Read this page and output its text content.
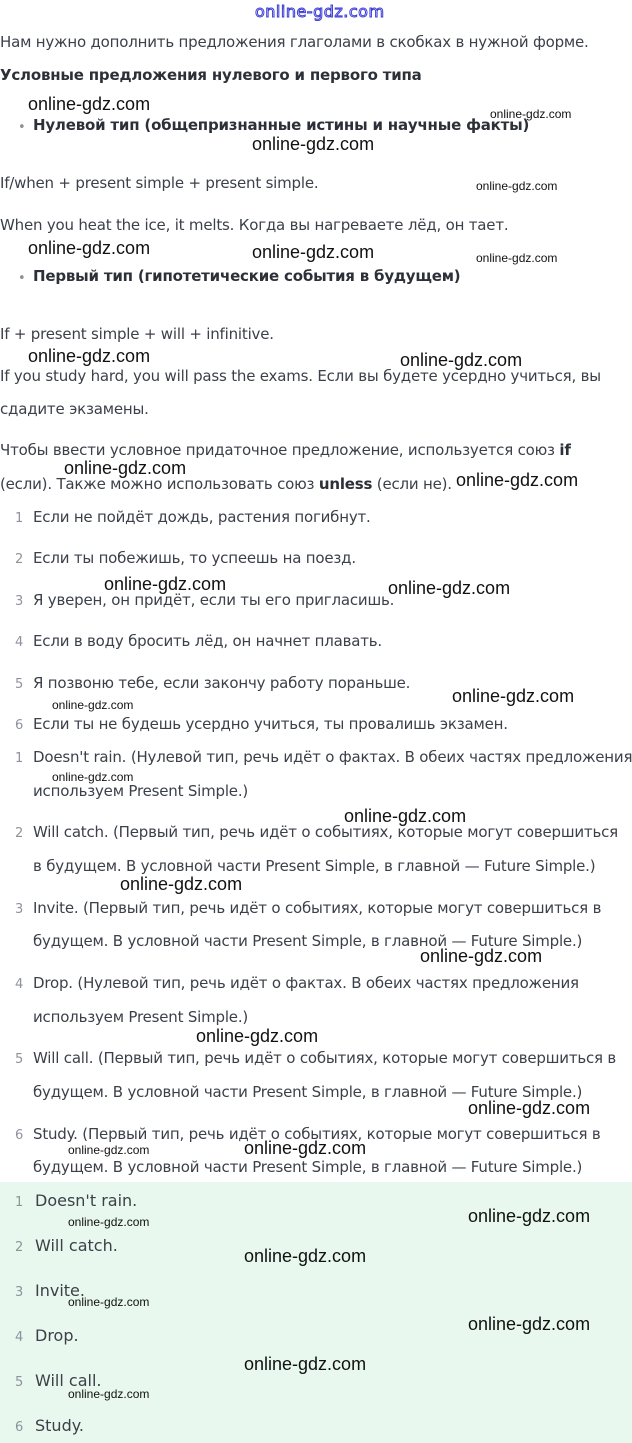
online-gdz.com
Нам нужно дополнить предложения глаголами в скобках в нужной форме.
Условные предложения нулевого и первого типа
• Нулевой тип (общепризнанные истины и научные факты)
If/when + present simple + present simple.
When you heat the ice, it melts. Когда вы нагреваете лёд, он тает.
• Первый тип (гипотетические события в будущем)
If + present simple + will + infinitive.
If you study hard, you will pass the exams. Если вы будете усердно учиться, вы
сдадите экзамены.
Чтобы ввести условное придаточное предложение, используется союз if
(если). Также можно использовать союз unless (если не).
1 Если не пойдёт дождь, растения погибнут.
2 Если ты побежишь, то успеешь на поезд.
3 Я уверен, он придёт, если ты его пригласишь.
4 Если в воду бросить лёд, он начнет плавать.
5 Я позвоню тебе, если закончу работу пораньше.
6 Если ты не будешь усердно учиться, ты провалишь экзамен.
1 Doesn't rain. (Нулевой тип, речь идёт о фактах. В обеих частях предложения
используем Present Simple.)
2 Will catch. (Первый тип, речь идёт о событиях, которые могут совершиться
в будущем. В условной части Present Simple, в главной — Future Simple.)
3 Invite. (Первый тип, речь идёт о событиях, которые могут совершиться в
будущем. В условной части Present Simple, в главной — Future Simple.)
4 Drop. (Нулевой тип, речь идёт о фактах. В обеих частях предложения
используем Present Simple.)
5 Will call. (Первый тип, речь идёт о событиях, которые могут совершиться в
будущем. В условной части Present Simple, в главной — Future Simple.)
6 Study. (Первый тип, речь идёт о событиях, которые могут совершиться в
будущем. В условной части Present Simple, в главной — Future Simple.)
1 Doesn't rain.
2 Will catch.
3 Invite.
4 Drop.
5 Will call.
6 Study.
online-gdz.com	online-gdz.com
online-gdz.com
online-gdz.com
online-gdz.com	online-gdz.com	online-gdz.com
online-gdz.com	online-gdz.com
online-gdz.com
online-gdz.com
online-gdz.com	online-gdz.com
online-gdz.com
online-gdz.com
online-gdz.com
online-gdz.com
online-gdz.com
online-gdz.com
online-gdz.com
online-gdz.com
online-gdz.com
online-gdz.com
online-gdz.com
online-gdz.com
online-gdz.com
online-gdz.com
online-gdz.com
online-gdz.com
online-gdz.com
